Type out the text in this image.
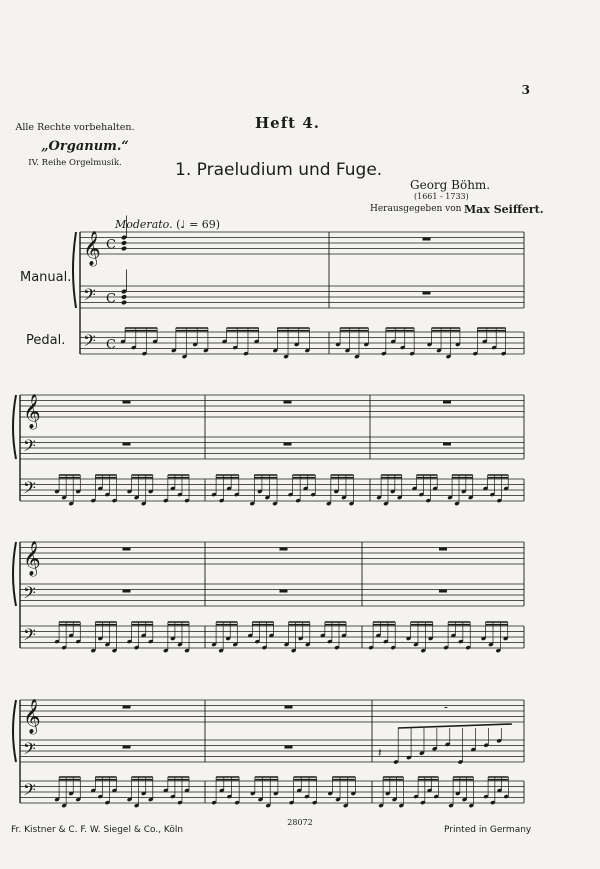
3
Alle Rechte vorbehalten.
„Organum.“
IV. Reihe Orgelmusik.
Heft 4.
1. Praeludium und Fuge.
Georg Böhm.
(1661 - 1733)
Herausgegeben von Max Seiffert.
Moderato. (♩ = 69)
Manual.
Pedal.
𝄞 C
𝄢 C
𝄢 C
𝄞
𝄢
𝄢
𝄞
𝄢
𝄢
𝄞
𝄢
𝄢
𝄻
𝄽
28072
Fr. Kistner & C. F. W. Siegel & Co., Köln	Printed in Germany
